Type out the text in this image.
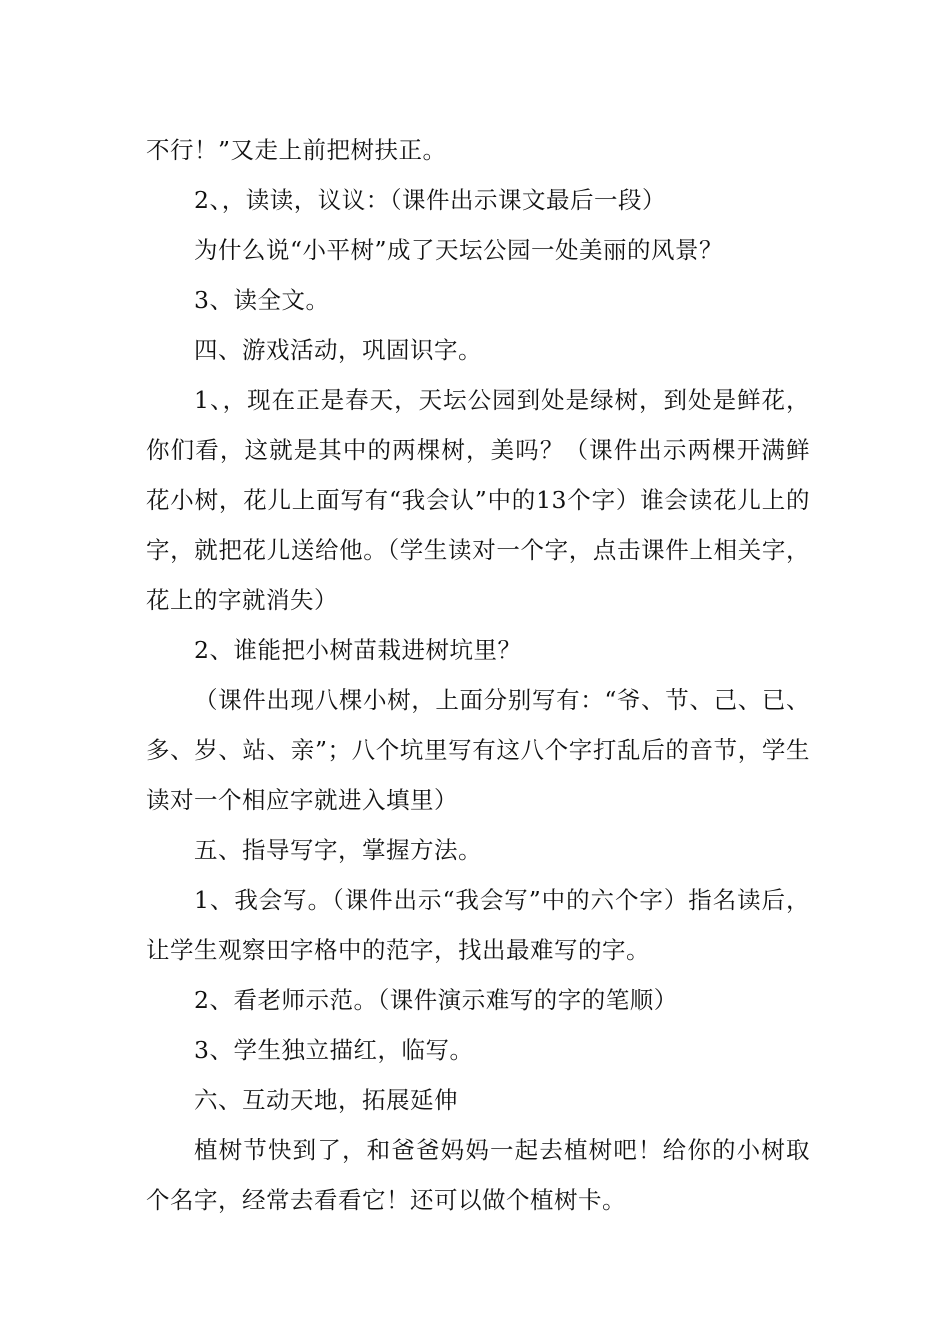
不行！”又走上前把树扶正。

2、，读读，议议：（课件出示课文最后一段）

为什么说“小平树”成了天坛公园一处美丽的风景？

3、读全文。

四、游戏活动，巩固识字。

1、，现在正是春天，天坛公园到处是绿树，到处是鲜花，你们看，这就是其中的两棵树，美吗？（课件出示两棵开满鲜花小树，花儿上面写有“我会认”中的13个字）谁会读花儿上的字，就把花儿送给他。（学生读对一个字，点击课件上相关字，花上的字就消失）

2、谁能把小树苗栽进树坑里？

（课件出现八棵小树，上面分别写有：“爷、节、己、已、多、岁、站、亲”；八个坑里写有这八个字打乱后的音节，学生读对一个相应字就进入填里）

五、指导写字，掌握方法。

1、我会写。（课件出示“我会写”中的六个字）指名读后，让学生观察田字格中的范字，找出最难写的字。

2、看老师示范。（课件演示难写的字的笔顺）

3、学生独立描红，临写。

六、互动天地，拓展延伸

植树节快到了，和爸爸妈妈一起去植树吧！给你的小树取个名字，经常去看看它！还可以做个植树卡。
